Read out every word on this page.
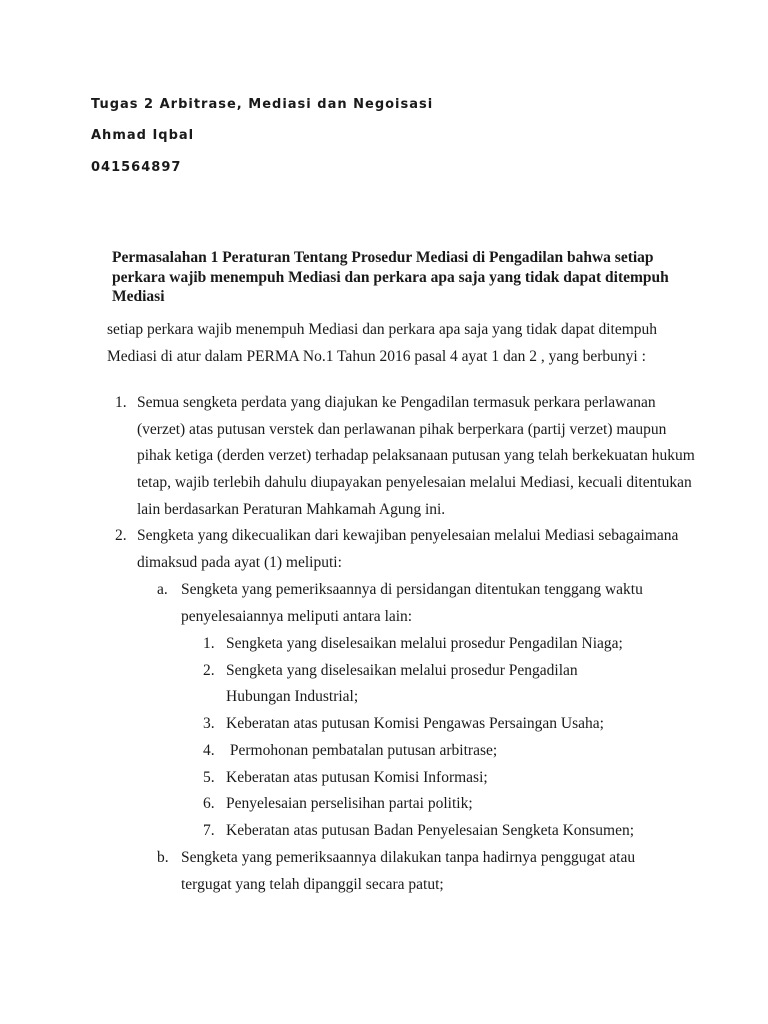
Tugas 2 Arbitrase, Mediasi dan Negoisasi
Ahmad Iqbal
041564897
Permasalahan 1 Peraturan Tentang Prosedur Mediasi di Pengadilan bahwa setiap perkara wajib menempuh Mediasi dan perkara apa saja yang tidak dapat ditempuh Mediasi
setiap perkara wajib menempuh Mediasi dan perkara apa saja yang tidak dapat ditempuh Mediasi di atur dalam PERMA No.1 Tahun 2016 pasal 4 ayat 1 dan 2 , yang berbunyi :
1. Semua sengketa perdata yang diajukan ke Pengadilan termasuk perkara perlawanan (verzet) atas putusan verstek dan perlawanan pihak berperkara (partij verzet) maupun pihak ketiga (derden verzet) terhadap pelaksanaan putusan yang telah berkekuatan hukum tetap, wajib terlebih dahulu diupayakan penyelesaian melalui Mediasi, kecuali ditentukan lain berdasarkan Peraturan Mahkamah Agung ini.
2. Sengketa yang dikecualikan dari kewajiban penyelesaian melalui Mediasi sebagaimana dimaksud pada ayat (1) meliputi:
a. Sengketa yang pemeriksaannya di persidangan ditentukan tenggang waktu penyelesaiannya meliputi antara lain:
1. Sengketa yang diselesaikan melalui prosedur Pengadilan Niaga;
2. Sengketa yang diselesaikan melalui prosedur Pengadilan Hubungan Industrial;
3. Keberatan atas putusan Komisi Pengawas Persaingan Usaha;
4. Permohonan pembatalan putusan arbitrase;
5. Keberatan atas putusan Komisi Informasi;
6. Penyelesaian perselisihan partai politik;
7. Keberatan atas putusan Badan Penyelesaian Sengketa Konsumen;
b. Sengketa yang pemeriksaannya dilakukan tanpa hadirnya penggugat atau tergugat yang telah dipanggil secara patut;
